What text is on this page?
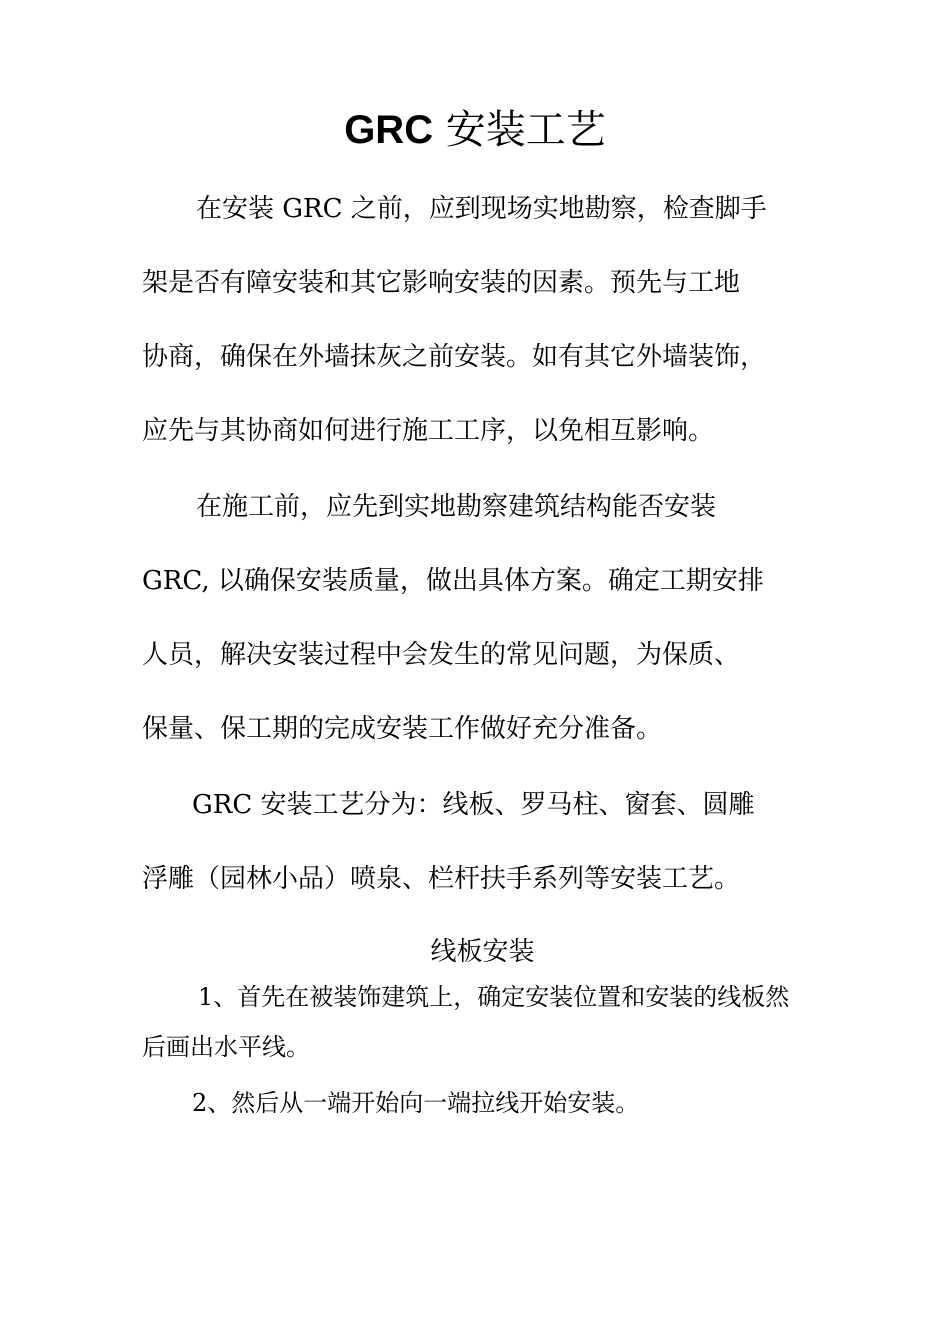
GRC 安装工艺

在安装 GRC 之前，应到现场实地勘察，检查脚手
架是否有障安装和其它影响安装的因素。预先与工地
协商，确保在外墙抹灰之前安装。如有其它外墙装饰，
应先与其协商如何进行施工工序，以免相互影响。

在施工前，应先到实地勘察建筑结构能否安装
GRC, 以确保安装质量，做出具体方案。确定工期安排
人员，解决安装过程中会发生的常见问题，为保质、
保量、保工期的完成安装工作做好充分准备。

GRC 安装工艺分为：线板、罗马柱、窗套、圆雕
浮雕（园林小品）喷泉、栏杆扶手系列等安装工艺。

线板安装

1、首先在被装饰建筑上，确定安装位置和安装的线板然
后画出水平线。

2、然后从一端开始向一端拉线开始安装。
